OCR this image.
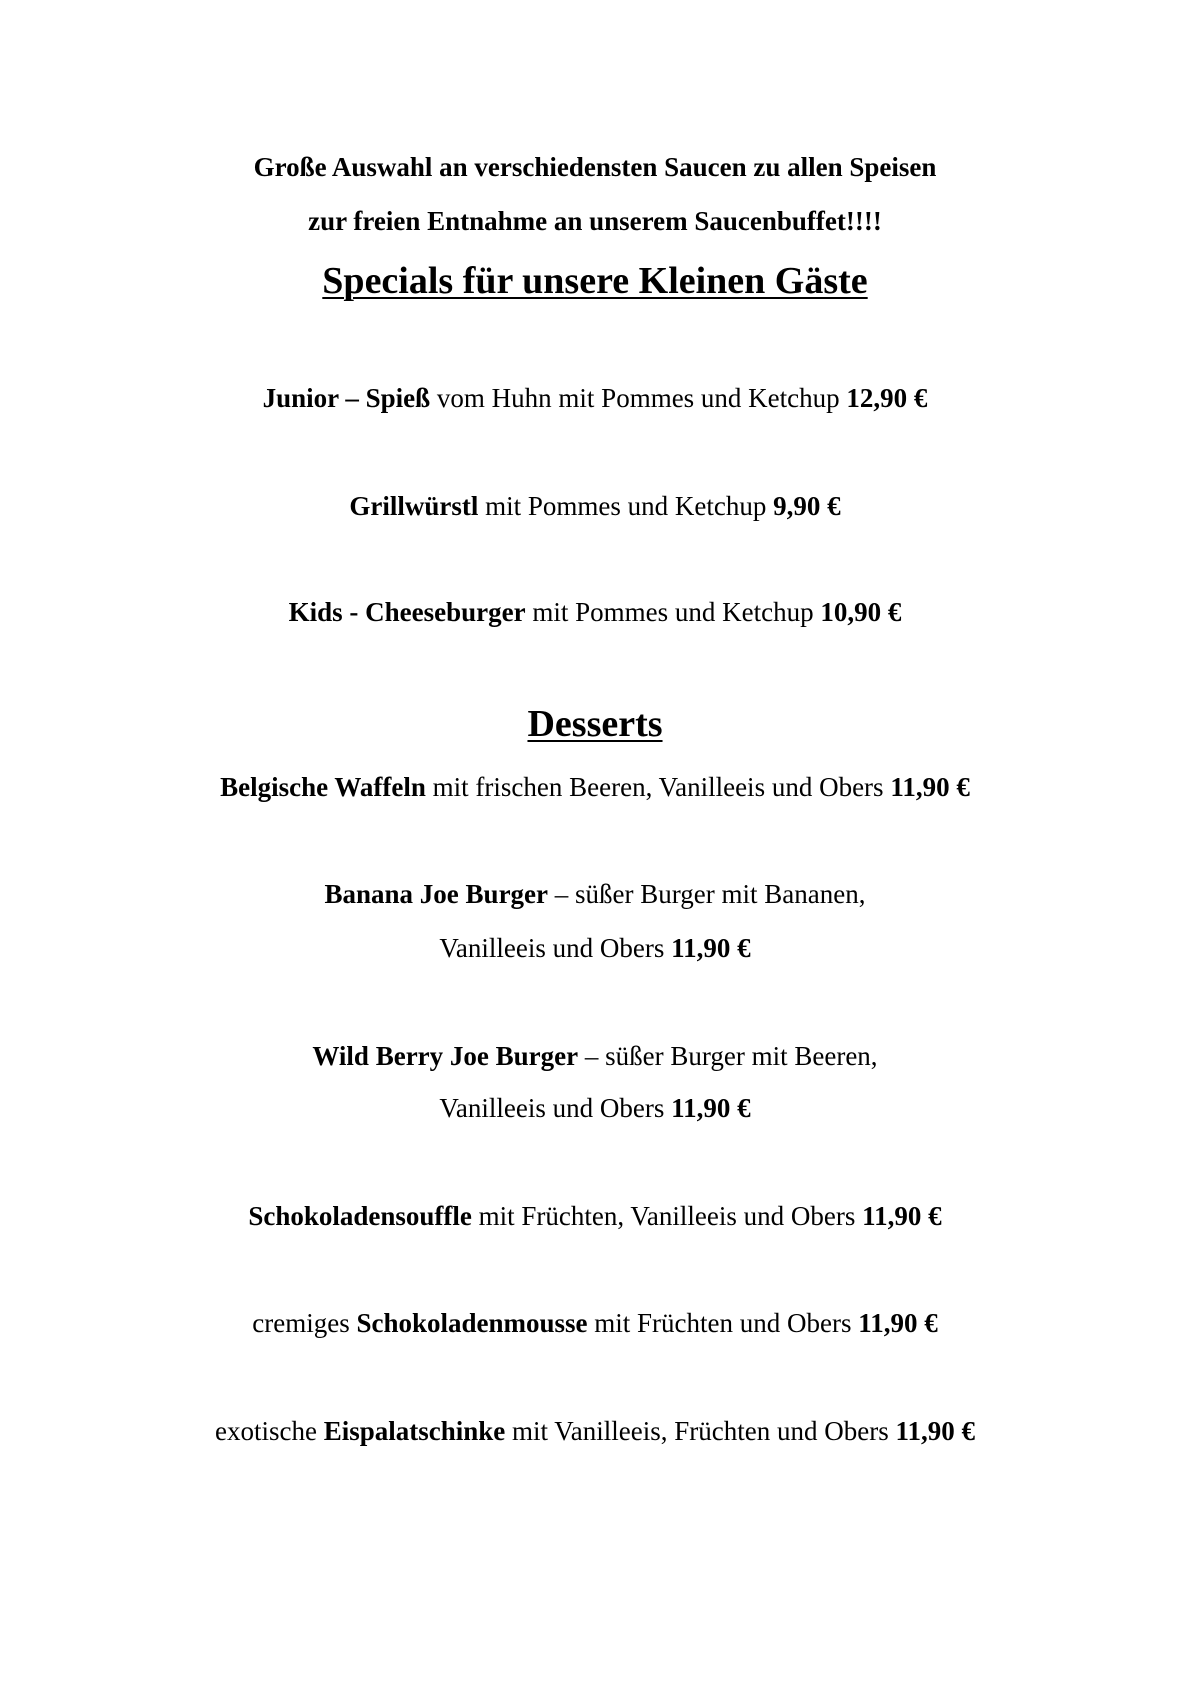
Große Auswahl an verschiedensten Saucen zu allen Speisen
zur freien Entnahme an unserem Saucenbuffet!!!!
Specials für unsere Kleinen Gäste
Junior – Spieß vom Huhn mit Pommes und Ketchup 12,90 €
Grillwürstl mit Pommes und Ketchup 9,90 €
Kids - Cheeseburger mit Pommes und Ketchup 10,90 €
Desserts
Belgische Waffeln mit frischen Beeren, Vanilleeis und Obers 11,90 €
Banana Joe Burger – süßer Burger mit Bananen,
Vanilleeis und Obers 11,90 €
Wild Berry Joe Burger – süßer Burger mit Beeren,
Vanilleeis und Obers 11,90 €
Schokoladensouffle mit Früchten, Vanilleeis und Obers 11,90 €
cremiges Schokoladenmousse mit Früchten und Obers 11,90 €
exotische Eispalatschinke mit Vanilleeis, Früchten und Obers 11,90 €
